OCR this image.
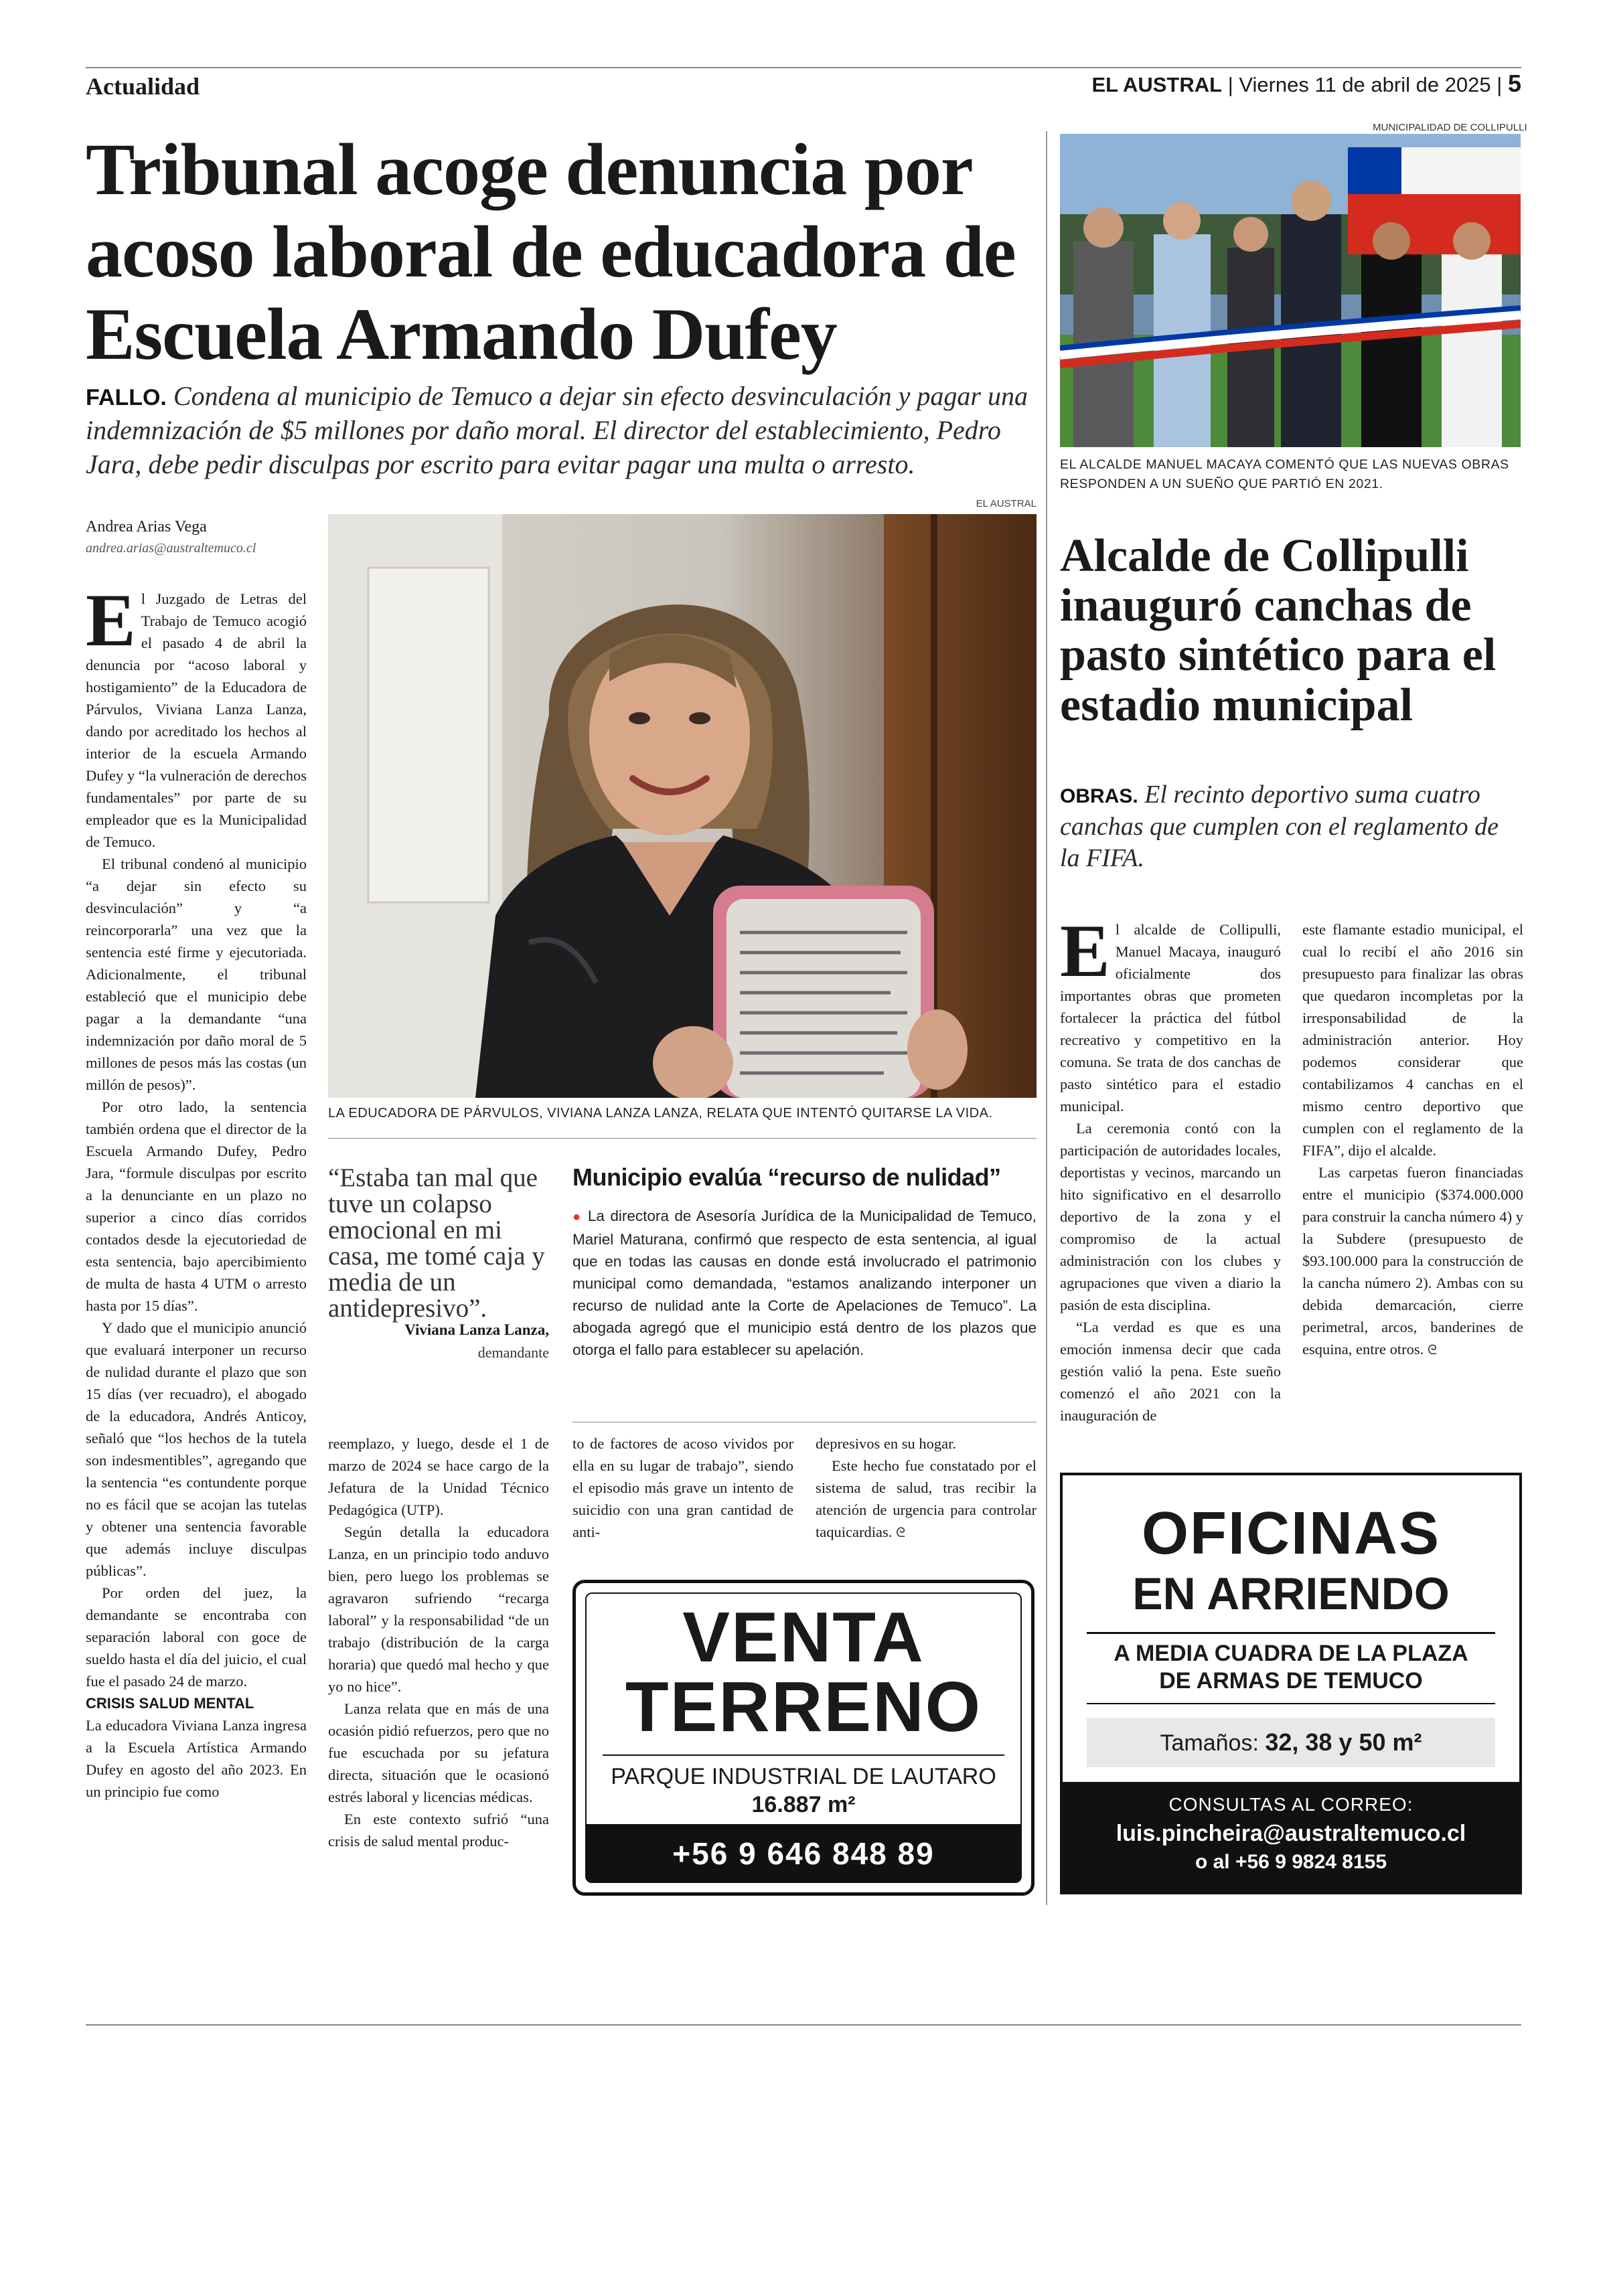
Actualidad	EL AUSTRAL | Viernes 11 de abril de 2025 | 5
Tribunal acoge denuncia por acoso laboral de educadora de Escuela Armando Dufey
FALLO. Condena al municipio de Temuco a dejar sin efecto desvinculación y pagar una indemnización de $5 millones por daño moral. El director del establecimiento, Pedro Jara, debe pedir disculpas por escrito para evitar pagar una multa o arresto.
Andrea Arias Vega
andrea.arias@australtemuco.cl

El Juzgado de Letras del Trabajo de Temuco acogió el pasado 4 de abril la denuncia por “acoso laboral y hostigamiento” de la Educadora de Párvulos, Viviana Lanza Lanza, dando por acreditado los hechos al interior de la escuela Armando Dufey y “la vulneración de derechos fundamentales” por parte de su empleador que es la Municipalidad de Temuco.

El tribunal condenó al municipio “a dejar sin efecto su desvinculación” y “a reincorporarla” una vez que la sentencia esté firme y ejecutoriada. Adicionalmente, el tribunal estableció que el municipio debe pagar a la demandante “una indemnización por daño moral de 5 millones de pesos más las costas (un millón de pesos)”.

Por otro lado, la sentencia también ordena que el director de la Escuela Armando Dufey, Pedro Jara, “formule disculpas por escrito a la denunciante en un plazo no superior a cinco días corridos contados desde la ejecutoriedad de esta sentencia, bajo apercibimiento de multa de hasta 4 UTM o arresto hasta por 15 días”.

Y dado que el municipio anunció que evaluará interponer un recurso de nulidad durante el plazo que son 15 días (ver recuadro), el abogado de la educadora, Andrés Anticoy, señaló que “los hechos de la tutela son indesmentibles”, agregando que la sentencia “es contundente porque no es fácil que se acojan las tutelas y obtener una sentencia favorable que además incluye disculpas públicas”.

Por orden del juez, la demandante se encontraba con separación laboral con goce de sueldo hasta el día del juicio, el cual fue el pasado 24 de marzo.

CRISIS SALUD MENTAL

La educadora Viviana Lanza ingresa a la Escuela Artística Armando Dufey en agosto del año 2023. En un principio fue como

EL AUSTRAL
LA EDUCADORA DE PÁRVULOS, VIVIANA LANZA LANZA, RELATA QUE INTENTÓ QUITARSE LA VIDA.
“Estaba tan mal que tuve un colapso emocional en mi casa, me tomé caja y media de un antidepresivo”.
Viviana Lanza Lanza,
demandante
Municipio evalúa “recurso de nulidad”
● La directora de Asesoría Jurídica de la Municipalidad de Temuco, Mariel Maturana, confirmó que respecto de esta sentencia, al igual que en todas las causas en donde está involucrado el patrimonio municipal como demandada, “estamos analizando interponer un recurso de nulidad ante la Corte de Apelaciones de Temuco”. La abogada agregó que el municipio está dentro de los plazos que otorga el fallo para establecer su apelación.

reemplazo, y luego, desde el 1 de marzo de 2024 se hace cargo de la Jefatura de la Unidad Técnico Pedagógica (UTP).

Según detalla la educadora Lanza, en un principio todo anduvo bien, pero luego los problemas se agravaron sufriendo “recarga laboral” y la responsabilidad “de un trabajo (distribución de la carga horaria) que quedó mal hecho y que yo no hice”.

Lanza relata que en más de una ocasión pidió refuerzos, pero que no fue escuchada por su jefatura directa, situación que le ocasionó estrés laboral y licencias médicas.

En este contexto sufrió “una crisis de salud mental produc-

to de factores de acoso vividos por ella en su lugar de trabajo”, siendo el episodio más grave un intento de suicidio con una gran cantidad de anti-

depresivos en su hogar.

Este hecho fue constatado por el sistema de salud, tras recibir la atención de urgencia para controlar taquicardias. ᘓ

VENTA
TERRENO
PARQUE INDUSTRIAL DE LAUTARO
16.887 m²
+56 9 646 848 89
MUNICIPALIDAD DE COLLIPULLI
EL ALCALDE MANUEL MACAYA COMENTÓ QUE LAS NUEVAS OBRAS RESPONDEN A UN SUEÑO QUE PARTIÓ EN 2021.
Alcalde de Collipulli inauguró canchas de pasto sintético para el estadio municipal
OBRAS. El recinto deportivo suma cuatro canchas que cumplen con el reglamento de la FIFA.

El alcalde de Collipulli, Manuel Macaya, inauguró oficialmente dos importantes obras que prometen fortalecer la práctica del fútbol recreativo y competitivo en la comuna. Se trata de dos canchas de pasto sintético para el estadio municipal.

La ceremonia contó con la participación de autoridades locales, deportistas y vecinos, marcando un hito significativo en el desarrollo deportivo de la zona y el compromiso de la actual administración con los clubes y agrupaciones que viven a diario la pasión de esta disciplina.

“La verdad es que es una emoción inmensa decir que cada gestión valió la pena. Este sueño comenzó el año 2021 con la inauguración de

este flamante estadio municipal, el cual lo recibí el año 2016 sin presupuesto para finalizar las obras que quedaron incompletas por la irresponsabilidad de la administración anterior. Hoy podemos considerar que contabilizamos 4 canchas en el mismo centro deportivo que cumplen con el reglamento de la FIFA”, dijo el alcalde.

Las carpetas fueron financiadas entre el municipio ($374.000.000 para construir la cancha número 4) y la Subdere (presupuesto de $93.100.000 para la construcción de la cancha número 2). Ambas con su debida demarcación, cierre perimetral, arcos, banderines de esquina, entre otros. ᘓ

OFICINAS
EN ARRIENDO
A MEDIA CUADRA DE LA PLAZA
DE ARMAS DE TEMUCO
Tamaños: 32, 38 y 50 m²
CONSULTAS AL CORREO:
luis.pincheira@australtemuco.cl
o al +56 9 9824 8155
